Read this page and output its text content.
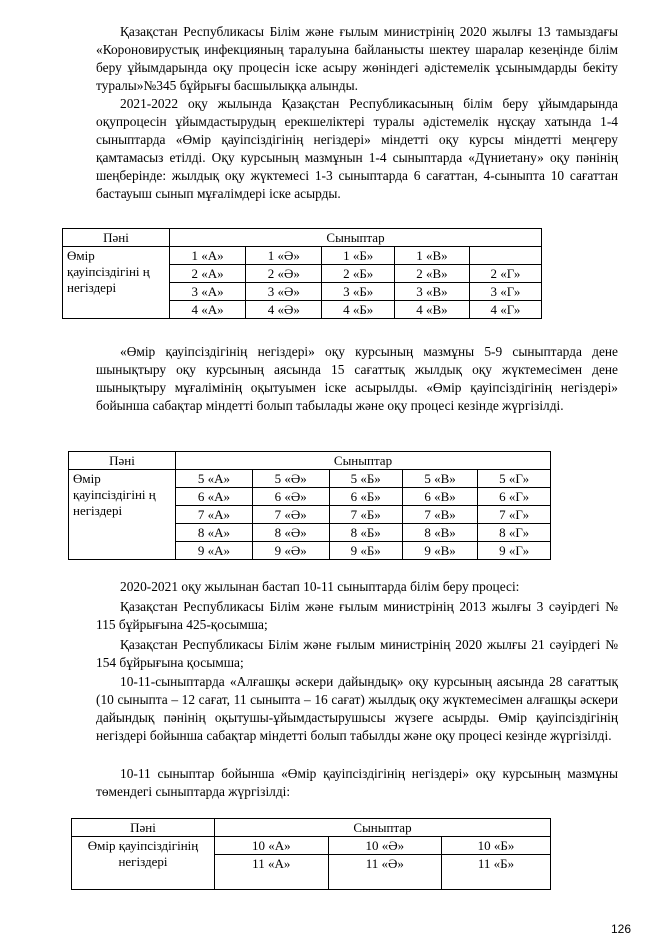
Қазақстан Республикасы Білім және ғылым министрінің 2020 жылғы 13 тамыздағы «Короновирустық инфекцияның таралуына байланысты шектеу шаралар кезеңінде білім беру ұйымдарында оқу процесін іске асыру жөніндегі әдістемелік ұсынымдарды бекіту туралы»№345 бұйрығы басшылыққа алынды.

2021-2022 оқу жылында Қазақстан Республикасының білім беру ұйымдарында оқупроцесін ұйымдастырудың ерекшеліктері туралы әдістемелік нұсқау хатында 1-4 сыныптарда «Өмір қауіпсіздігінің негіздері» міндетті оқу курсы міндетті меңгеру қамтамасыз етілді. Оқу курсының мазмұнын 1-4 сыныптарда «Дүниетану» оқу пәнінің шеңберінде: жылдық оқу жүктемесі 1-3 сыныптарда 6 сағаттан, 4-сыныпта 10 сағаттан бастауыш сынып мұғалімдері іске асырды.

Пәні	Сыныптар				
Өмір қауіпсіздігіні ң негіздері	1 «А»	1 «Ә»	1 «Б»	1 «В»	
	2 «А»	2 «Ә»	2 «Б»	2 «В»	2 «Г»
	3 «А»	3 «Ә»	3 «Б»	3 «В»	3 «Г»
	4 «А»	4 «Ә»	4 «Б»	4 «В»	4 «Г»

«Өмір қауіпсіздігінің негіздері» оқу курсының мазмұны 5-9 сыныптарда дене шынықтыру оқу курсының аясында 15 сағаттық жылдық оқу жүктемесімен дене шынықтыру мұғалімінің оқытуымен іске асырылды. «Өмір қауіпсіздігінің негіздері» бойынша сабақтар міндетті болып табылады және оқу процесі кезінде жүргізілді.

Пәні	Сыныптар				
Өмір қауіпсіздігіні ң негіздері	5 «А»	5 «Ә»	5 «Б»	5 «В»	5 «Г»
	6 «А»	6 «Ә»	6 «Б»	6 «В»	6 «Г»
	7 «А»	7 «Ә»	7 «Б»	7 «В»	7 «Г»
	8 «А»	8 «Ә»	8 «Б»	8 «В»	8 «Г»
	9 «А»	9 «Ә»	9 «Б»	9 «В»	9 «Г»

2020-2021 оқу жылынан бастап 10-11 сыныптарда білім беру процесі:

Қазақстан Республикасы Білім және ғылым министрінің 2013 жылғы 3 сәуірдегі № 115 бұйрығына 425-қосымша;

Қазақстан Республикасы Білім және ғылым министрінің 2020 жылғы 21 сәуірдегі № 154 бұйрығына қосымша;

10-11-сыныптарда «Алғашқы әскери дайындық» оқу курсының аясында 28 сағаттық (10 сыныпта – 12 сағат, 11 сыныпта – 16 сағат) жылдық оқу жүктемесімен алғашқы әскери дайындық пәнінің оқытушы-ұйымдастырушысы жүзеге асырды. Өмір қауіпсіздігінің негіздері бойынша сабақтар міндетті болып табылды және оқу процесі кезінде жүргізілді.

10-11 сыныптар бойынша «Өмір қауіпсіздігінің негіздері» оқу курсының мазмұны төмендегі сыныптарда жүргізілді:

Пәні	Сыныптар		
Өмір қауіпсіздігінің негіздері	10 «А»	10 «Ә»	10 «Б»
	11 «А»	11 «Ә»	11 «Б»
126
